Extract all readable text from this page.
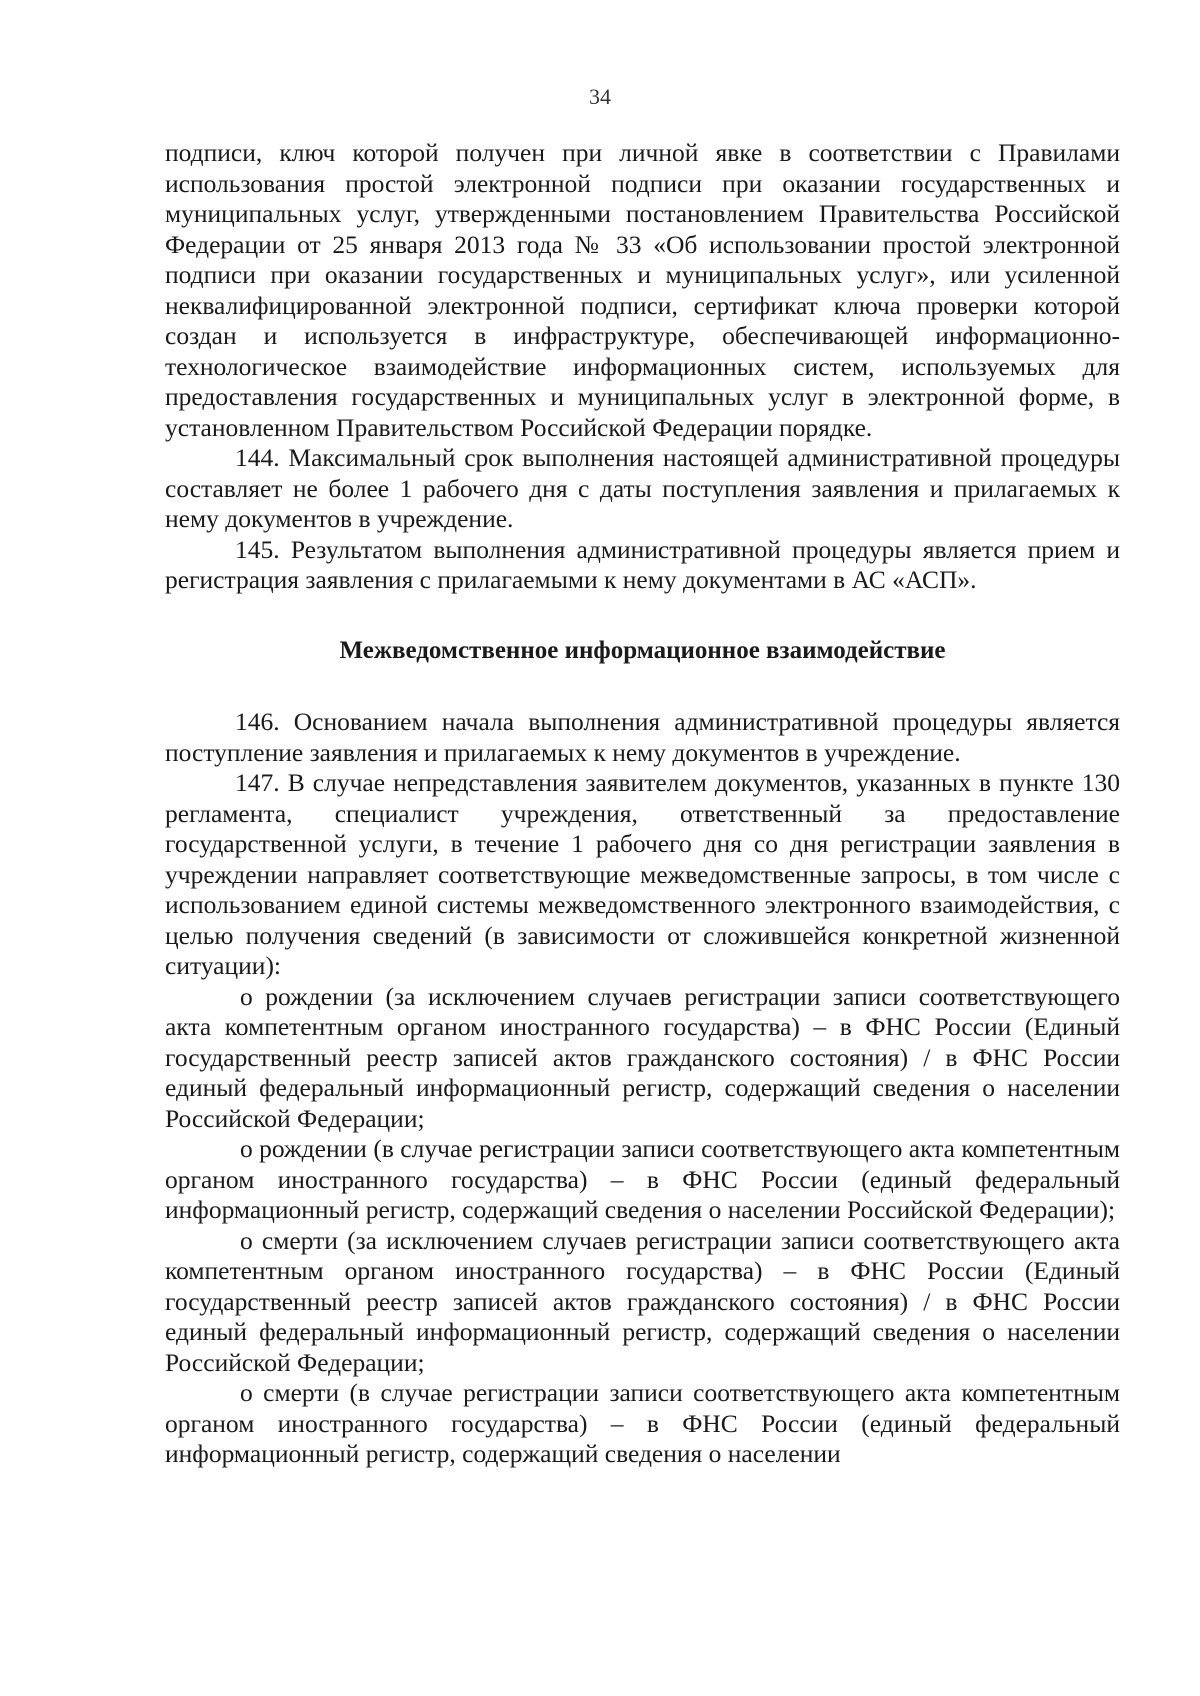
34

подписи, ключ которой получен при личной явке в соответствии с Правилами использования простой электронной подписи при оказании государственных и муниципальных услуг, утвержденными постановлением Правительства Российской Федерации от 25 января 2013 года № 33 «Об использовании простой электронной подписи при оказании государственных и муниципальных услуг», или усиленной неквалифицированной электронной подписи, сертификат ключа проверки которой создан и используется в инфраструктуре, обеспечивающей информационно-технологическое взаимодействие информационных систем, используемых для предоставления государственных и муниципальных услуг в электронной форме, в установленном Правительством Российской Федерации порядке.

144. Максимальный срок выполнения настоящей административной процедуры составляет не более 1 рабочего дня с даты поступления заявления и прилагаемых к нему документов в учреждение.

145. Результатом выполнения административной процедуры является прием и регистрация заявления с прилагаемыми к нему документами в АС «АСП».

Межведомственное информационное взаимодействие

146. Основанием начала выполнения административной процедуры является поступление заявления и прилагаемых к нему документов в учреждение.

147. В случае непредставления заявителем документов, указанных в пункте 130 регламента, специалист учреждения, ответственный за предоставление государственной услуги, в течение 1 рабочего дня со дня регистрации заявления в учреждении направляет соответствующие межведомственные запросы, в том числе с использованием единой системы межведомственного электронного взаимодействия, с целью получения сведений (в зависимости от сложившейся конкретной жизненной ситуации):

о рождении (за исключением случаев регистрации записи соответствующего акта компетентным органом иностранного государства) – в ФНС России (Единый государственный реестр записей актов гражданского состояния) / в ФНС России единый федеральный информационный регистр, содержащий сведения о населении Российской Федерации;

о рождении (в случае регистрации записи соответствующего акта компетентным органом иностранного государства) – в ФНС России (единый федеральный информационный регистр, содержащий сведения о населении Российской Федерации);

о смерти (за исключением случаев регистрации записи соответствующего акта компетентным органом иностранного государства) – в ФНС России (Единый государственный реестр записей актов гражданского состояния) / в ФНС России единый федеральный информационный регистр, содержащий сведения о населении Российской Федерации;

о смерти (в случае регистрации записи соответствующего акта компетентным органом иностранного государства) – в ФНС России (единый федеральный информационный регистр, содержащий сведения о населении
